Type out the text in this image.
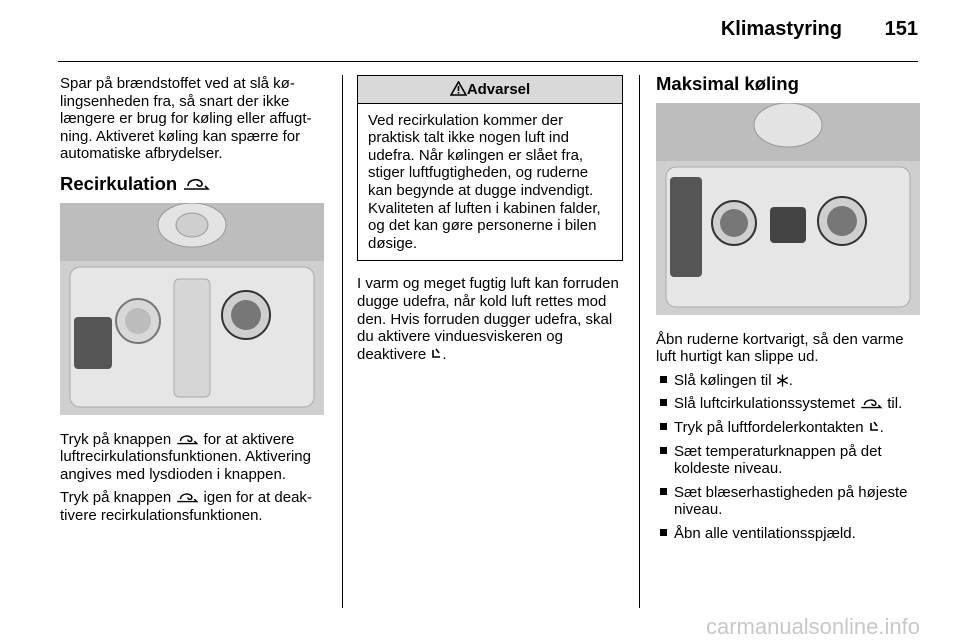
Klimastyring 151

Spar på brændstoffet ved at slå kølingsenheden fra, så snart der ikke længere er brug for køling eller affugtning. Aktiveret køling kan spærre for automatiske afbrydelser.

Recirkulation

Tryk på knappen for at aktivere luftrecirkulationsfunktionen. Aktivering angives med lysdioden i knappen.

Tryk på knappen igen for at deaktivere recirkulationsfunktionen.

Advarsel
Ved recirkulation kommer der praktisk talt ikke nogen luft ind udefra. Når kølingen er slået fra, stiger luftfugtigheden, og ruderne kan begynde at dugge indvendigt. Kvaliteten af luften i kabinen falder, og det kan gøre personerne i bilen døsige.

I varm og meget fugtig luft kan forruden dugge udefra, når kold luft rettes mod den. Hvis forruden dugger udefra, skal du aktivere vinduesviskeren og deaktivere .

Maksimal køling

Åbn ruderne kortvarigt, så den varme luft hurtigt kan slippe ud.

Slå kølingen til .
Slå luftcirkulationssystemet til.
Tryk på luftfordelerkontakten .
Sæt temperaturknappen på det koldeste niveau.
Sæt blæserhastigheden på højeste niveau.
Åbn alle ventilationsspjæld.
carmanualsonline.info
